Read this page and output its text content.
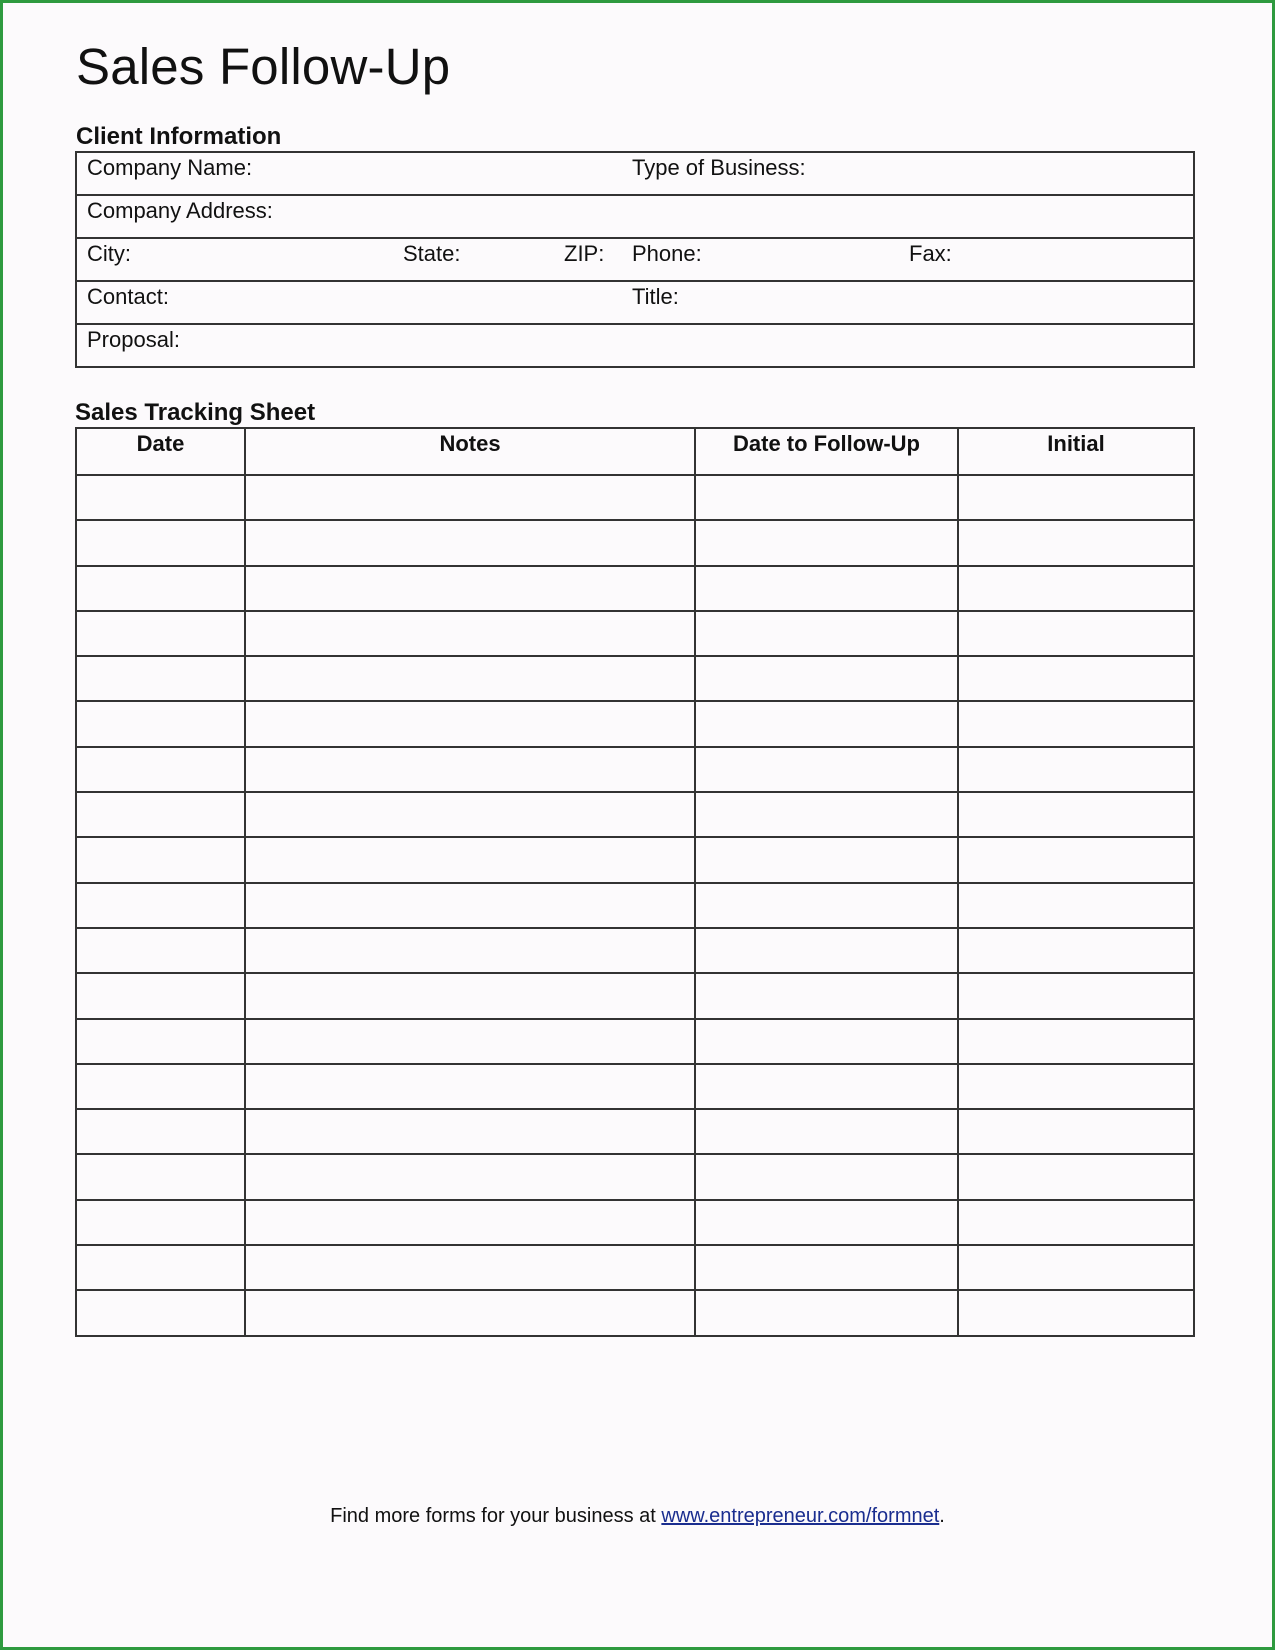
Sales Follow-Up
Client Information
Company Name:	Type of Business:
Company Address:
City:	State:	ZIP: Phone:	Fax:
Contact:	Title:
Proposal:
Sales Tracking Sheet
Date	Notes	Date to Follow-Up	Initial

Find more forms for your business at www.entrepreneur.com/formnet.
